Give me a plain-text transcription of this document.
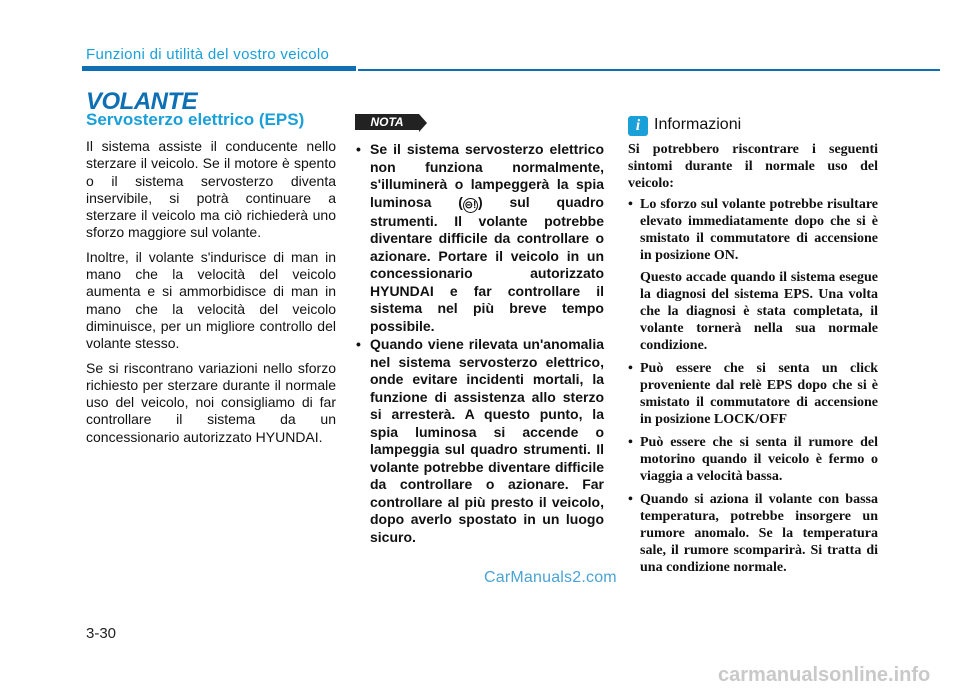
Funzioni di utilità del vostro veicolo
VOLANTE
Servosterzo elettrico (EPS)

Il sistema assiste il conducente nello sterzare il veicolo. Se il motore è spento o il sistema servosterzo diventa inservibile, si potrà continuare a sterzare il veicolo ma ciò richiederà uno sforzo maggiore sul volante.

Inoltre, il volante s'indurisce di man in mano che la velocità del veicolo aumenta e si ammorbidisce di man in mano che la velocità del veicolo diminuisce, per un migliore controllo del volante stesso.

Se si riscontrano variazioni nello sforzo richiesto per sterzare durante il normale uso del veicolo, noi consigliamo di far controllare il sistema da un concessionario autorizzato HYUNDAI.

NOTA
• Se il sistema servosterzo elettrico non funziona normalmente, s'illuminerà o lampeggerà la spia luminosa ( ⊝! ) sul quadro strumenti. Il volante potrebbe diventare difficile da controllare o azionare. Portare il veicolo in un concessionario autorizzato HYUNDAI e far controllare il sistema nel più breve tempo possibile.
• Quando viene rilevata un'anomalia nel sistema servosterzo elettrico, onde evitare incidenti mortali, la funzione di assistenza allo sterzo si arresterà. A questo punto, la spia luminosa si accende o lampeggia sul quadro strumenti. Il volante potrebbe diventare difficile da controllare o azionare. Far controllare al più presto il veicolo, dopo averlo spostato in un luogo sicuro.
i Informazioni

Si potrebbero riscontrare i seguenti sintomi durante il normale uso del veicolo:

• Lo sforzo sul volante potrebbe risultare elevato immediatamente dopo che si è smistato il commutatore di accensione in posizione ON.
Questo accade quando il sistema esegue la diagnosi del sistema EPS. Una volta che la diagnosi è stata completata, il volante tornerà nella sua normale condizione.
• Può essere che si senta un click proveniente dal relè EPS dopo che si è smistato il commutatore di accensione in posizione LOCK/OFF
• Può essere che si senta il rumore del motorino quando il veicolo è fermo o viaggia a velocità bassa.
• Quando si aziona il volante con bassa temperatura, potrebbe insorgere un rumore anomalo. Se la temperatura sale, il rumore scomparirà. Si tratta di una condizione normale.
CarManuals2.com
3-30
carmanualsonline.info
